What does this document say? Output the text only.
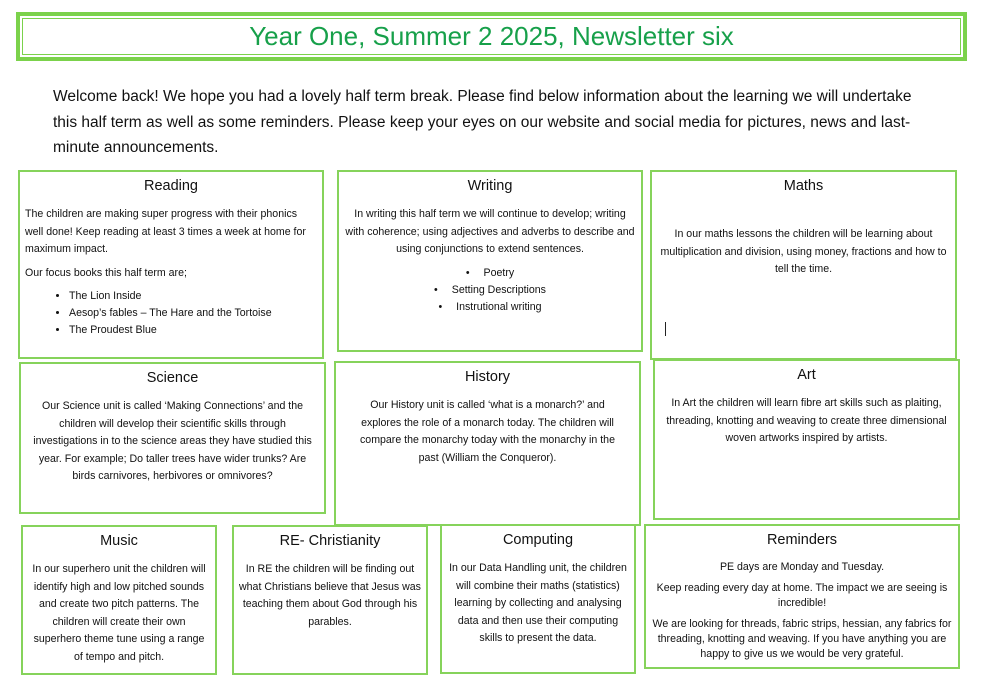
Year One, Summer 2 2025, Newsletter six
Welcome back! We hope you had a lovely half term break. Please find below information about the learning we will undertake this half term as well as some reminders. Please keep your eyes on our website and social media for pictures, news and last-minute announcements.
Reading

The children are making super progress with their phonics well done! Keep reading at least 3 times a week at home for maximum impact.

Our focus books this half term are;

• The Lion Inside
• Aesop’s fables – The Hare and the Tortoise
• The Proudest Blue
Writing

In writing this half term we will continue to develop; writing with coherence; using adjectives and adverbs to describe and using conjunctions to extend sentences.

• Poetry
• Setting Descriptions
• Instrutional writing
Maths

In our maths lessons the children will be learning about multiplication and division, using money, fractions and how to tell the time.

Science

Our Science unit is called ‘Making Connections’ and the children will develop their scientific skills through investigations in to the science areas they have studied this year. For example; Do taller trees have wider trunks? Are birds carnivores, herbivores or omnivores?

History

Our History unit is called ‘what is a monarch?’ and explores the role of a monarch today. The children will compare the monarchy today with the monarchy in the past (William the Conqueror).

Art

In Art the children will learn fibre art skills such as plaiting, threading, knotting and weaving to create three dimensional woven artworks inspired by artists.

Music

In our superhero unit the children will identify high and low pitched sounds and create two pitch patterns. The children will create their own superhero theme tune using a range of tempo and pitch.

RE- Christianity

In RE the children will be finding out what Christians believe that Jesus was teaching them about God through his parables.

Computing

In our Data Handling unit, the children will combine their maths (statistics) learning by collecting and analysing data and then use their computing skills to present the data.

Reminders

PE days are Monday and Tuesday.

Keep reading every day at home. The impact we are seeing is incredible!

We are looking for threads, fabric strips, hessian, any fabrics for threading, knotting and weaving. If you have anything you are happy to give us we would be very grateful.
